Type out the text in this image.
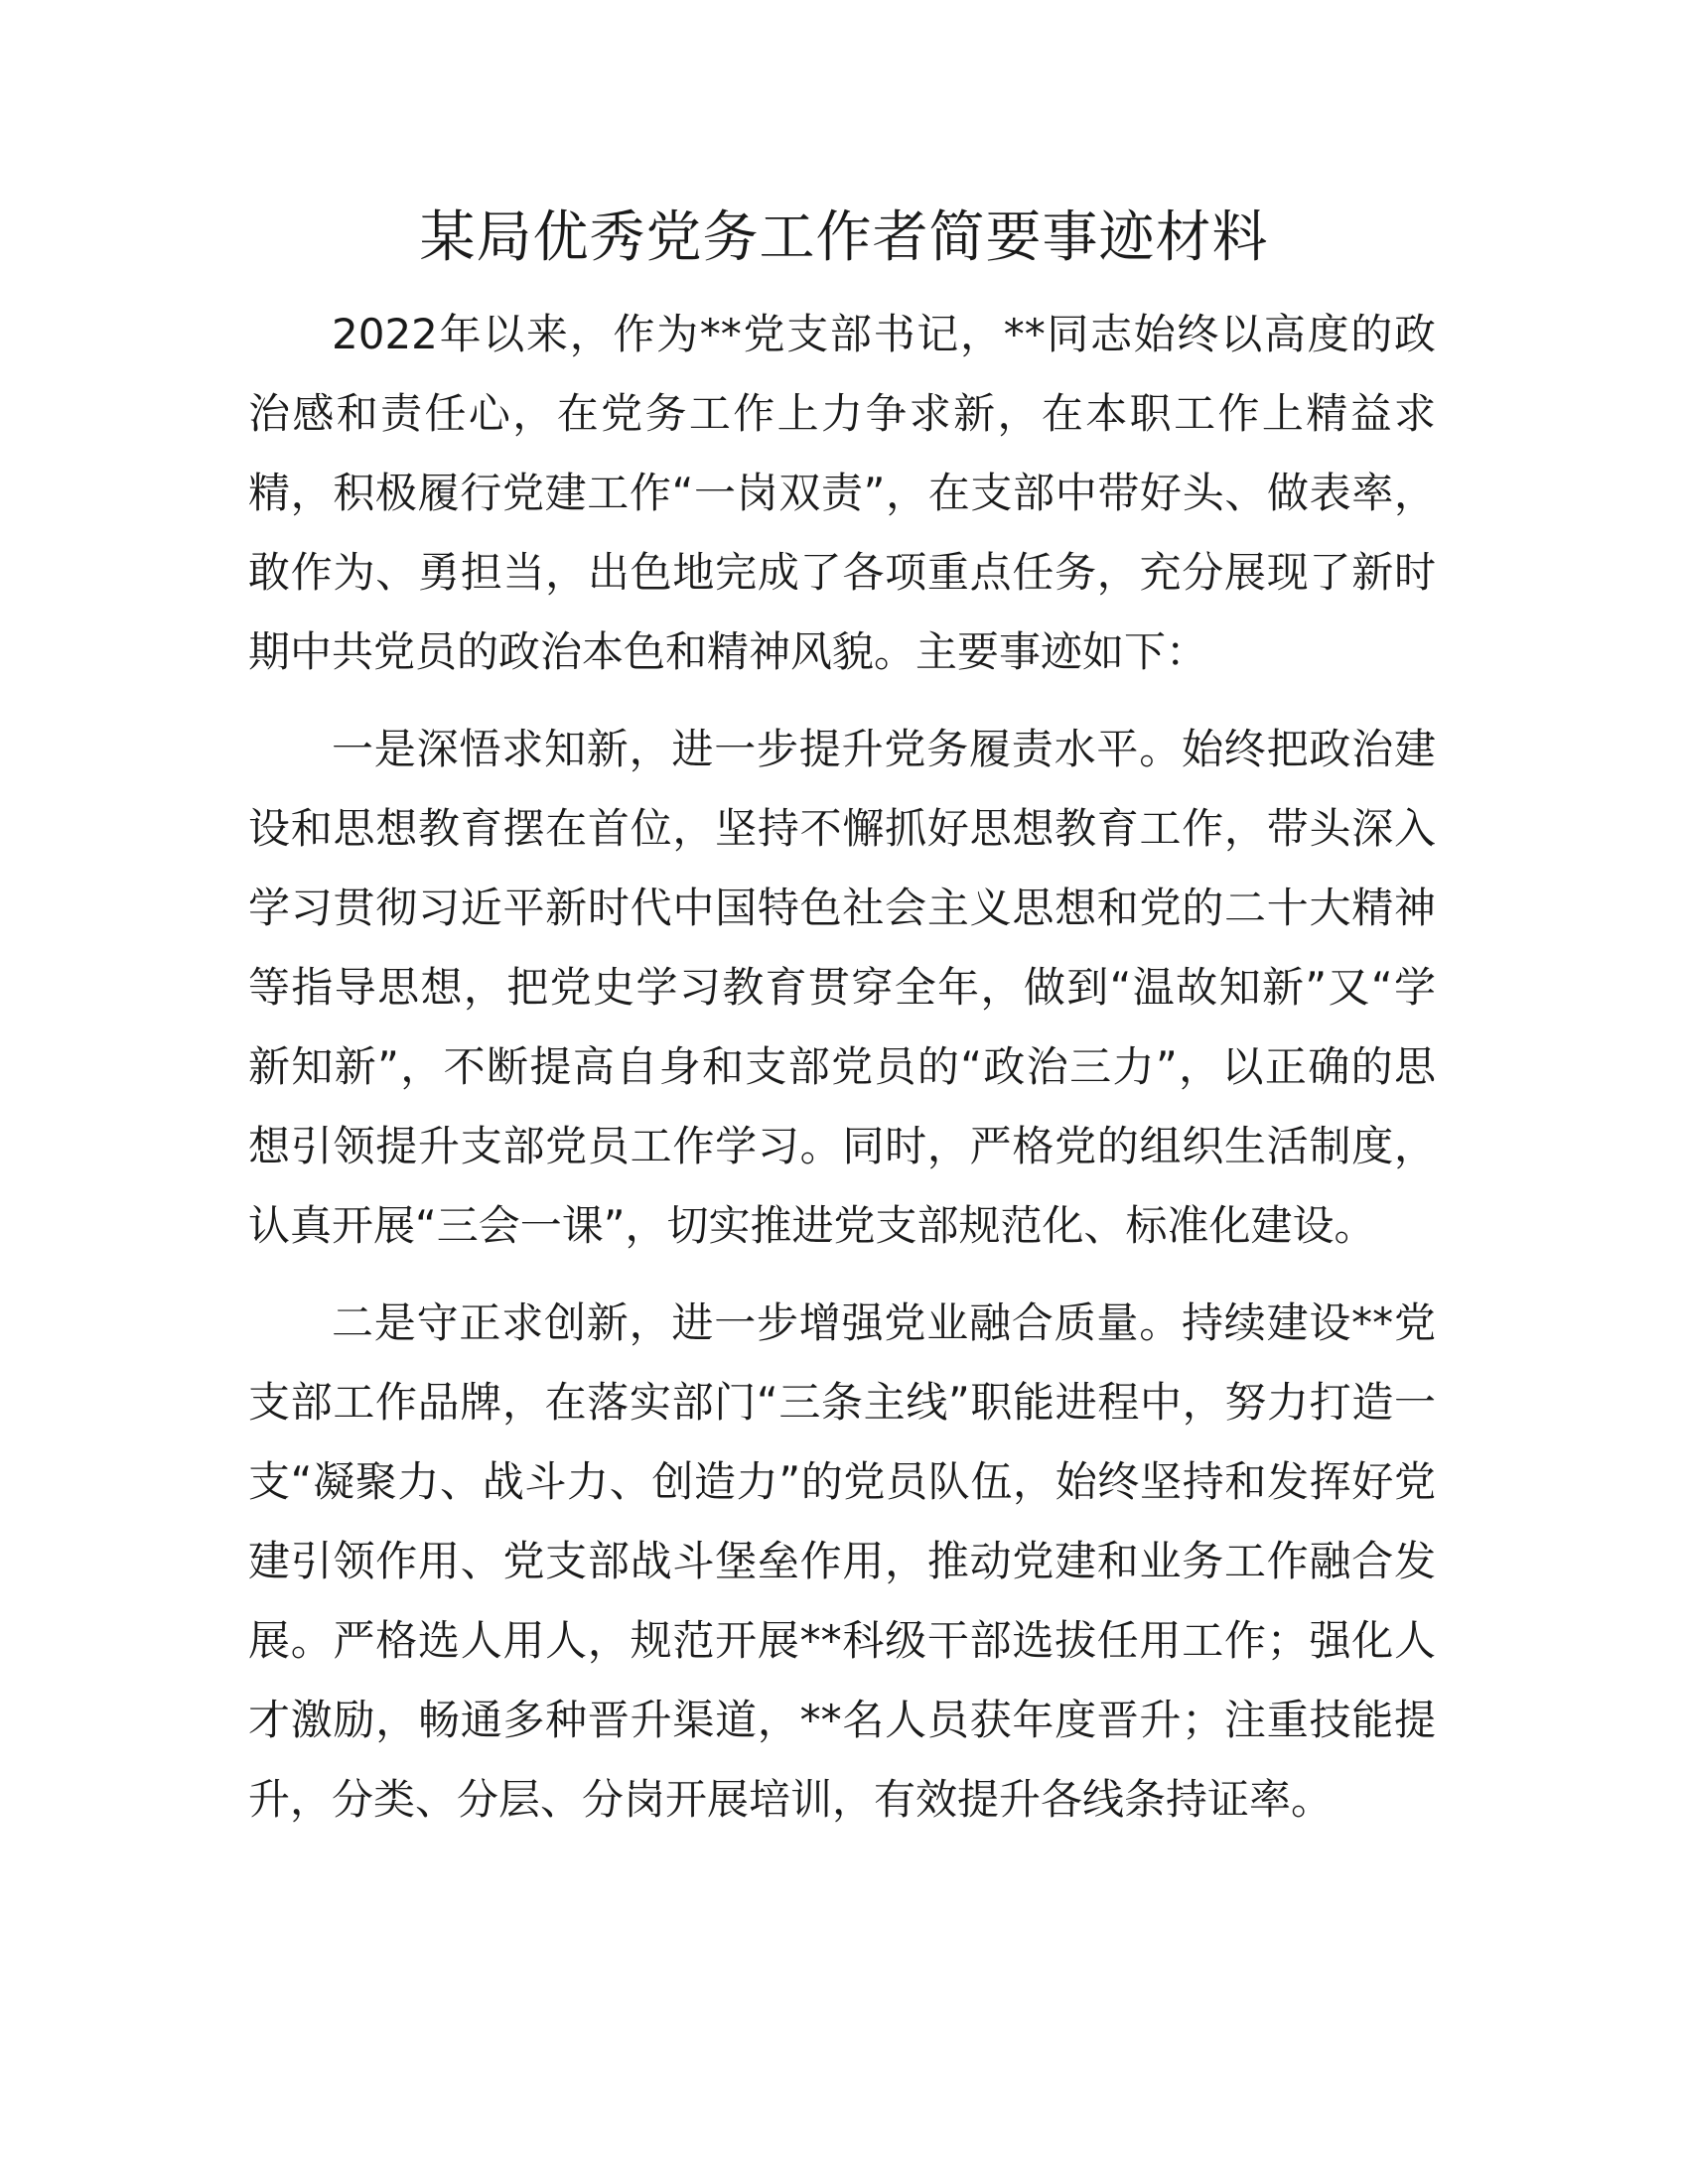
某局优秀党务工作者简要事迹材料

2022年以来，作为**党支部书记，**同志始终以高度的政治感和责任心，在党务工作上力争求新，在本职工作上精益求精，积极履行党建工作“一岗双责”，在支部中带好头、做表率，敢作为、勇担当，出色地完成了各项重点任务，充分展现了新时期中共党员的政治本色和精神风貌。主要事迹如下：

一是深悟求知新，进一步提升党务履责水平。始终把政治建设和思想教育摆在首位，坚持不懈抓好思想教育工作，带头深入学习贯彻习近平新时代中国特色社会主义思想和党的二十大精神等指导思想，把党史学习教育贯穿全年，做到“温故知新”又“学新知新”，不断提高自身和支部党员的“政治三力”，以正确的思想引领提升支部党员工作学习。同时，严格党的组织生活制度，认真开展“三会一课”，切实推进党支部规范化、标准化建设。

二是守正求创新，进一步增强党业融合质量。持续建设**党支部工作品牌，在落实部门“三条主线”职能进程中，努力打造一支“凝聚力、战斗力、创造力”的党员队伍，始终坚持和发挥好党建引领作用、党支部战斗堡垒作用，推动党建和业务工作融合发展。严格选人用人，规范开展**科级干部选拔任用工作；强化人才激励，畅通多种晋升渠道，**名人员获年度晋升；注重技能提升，分类、分层、分岗开展培训，有效提升各线条持证率。
